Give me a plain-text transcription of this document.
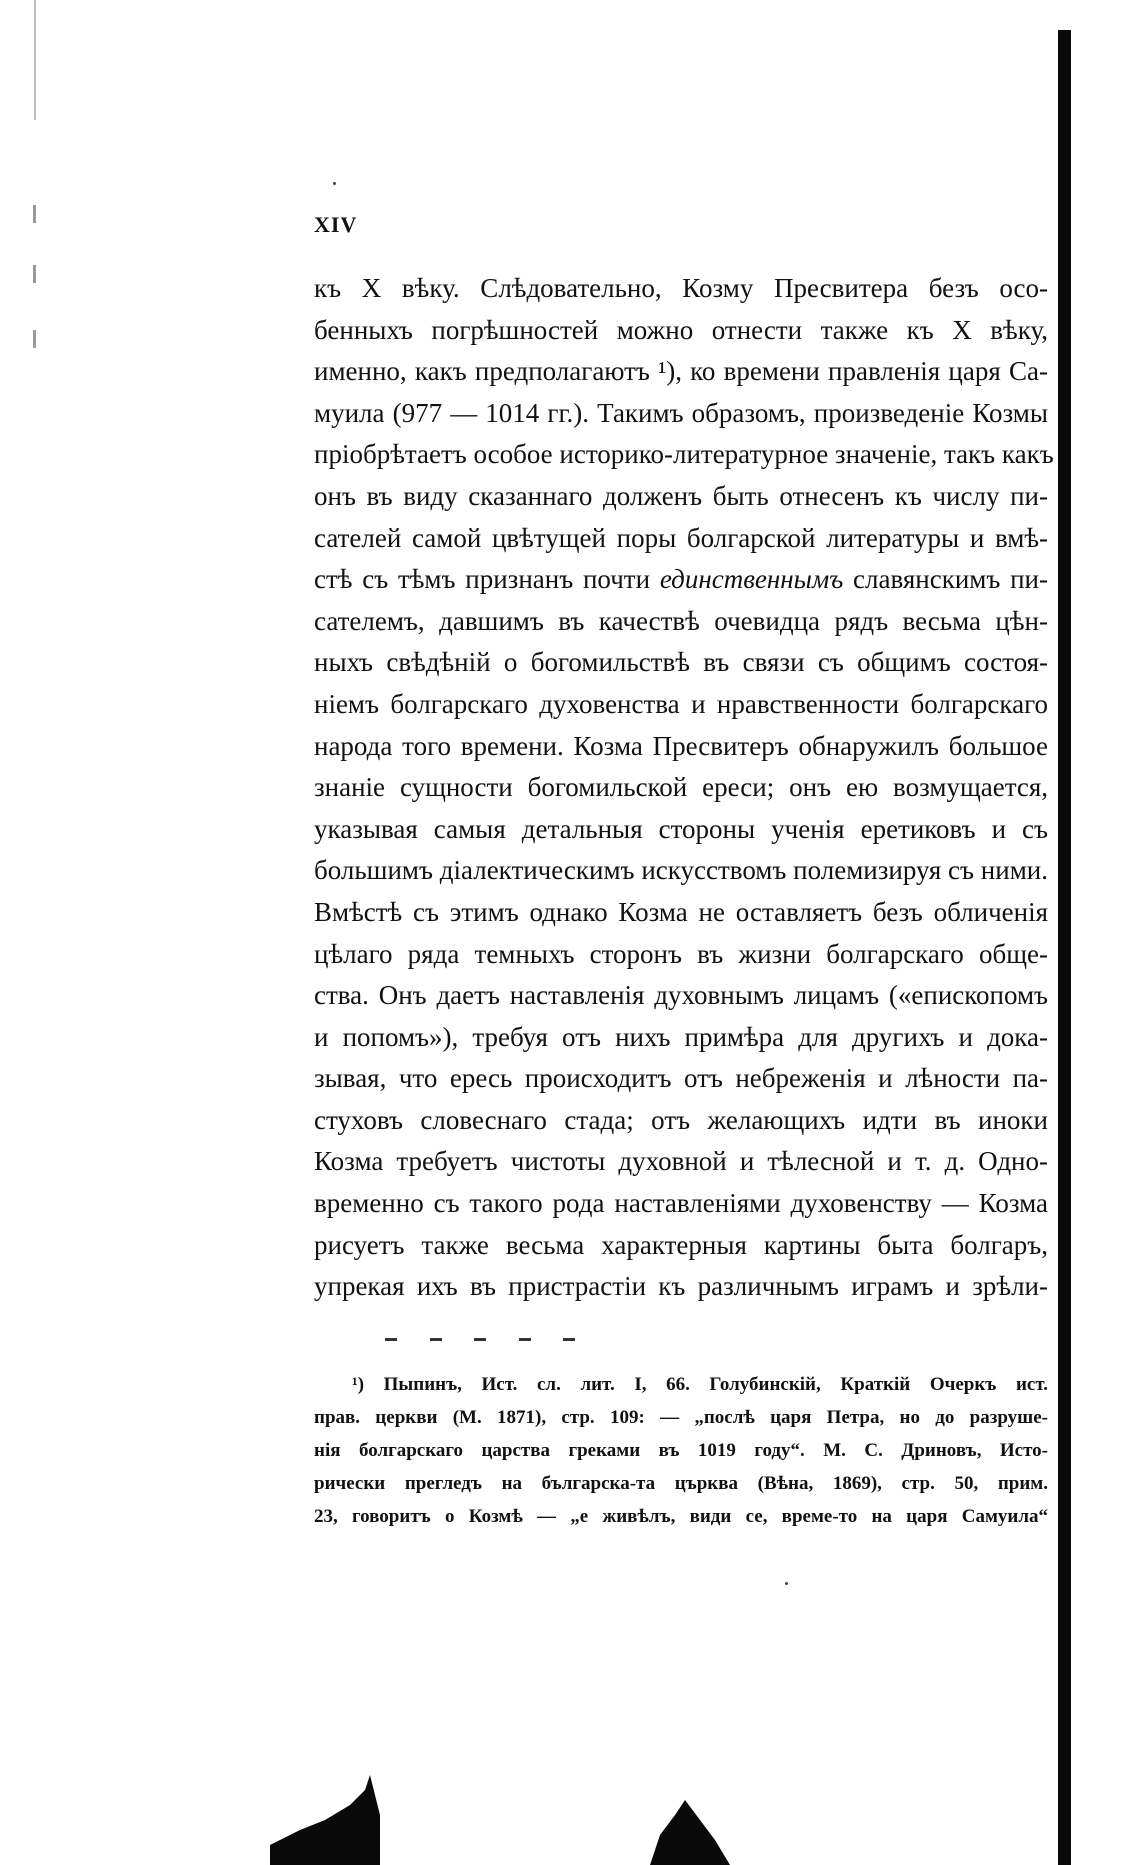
XIV
къ X вѣку. Слѣдовательно, Козму Пресвитера безъ осо-
бенныхъ погрѣшностей можно отнести также къ X вѣку,
именно, какъ предполагаютъ ¹), ко времени правленія царя Са-
муила (977 — 1014 гг.). Такимъ образомъ, произведеніе Козмы
пріобрѣтаетъ особое историко-литературное значеніе, такъ какъ
онъ въ виду сказаннаго долженъ быть отнесенъ къ числу пи-
сателей самой цвѣтущей поры болгарской литературы и вмѣ-
стѣ съ тѣмъ признанъ почти единственнымъ славянскимъ пи-
сателемъ, давшимъ въ качествѣ очевидца рядъ весьма цѣн-
ныхъ свѣдѣній о богомильствѣ въ связи съ общимъ состоя-
ніемъ болгарскаго духовенства и нравственности болгарскаго
народа того времени. Козма Пресвитеръ обнаружилъ большое
знаніе сущности богомильской ереси; онъ ею возмущается,
указывая самыя детальныя стороны ученія еретиковъ и съ
большимъ діалектическимъ искусствомъ полемизируя съ ними.
Вмѣстѣ съ этимъ однако Козма не оставляетъ безъ обличенія
цѣлаго ряда темныхъ сторонъ въ жизни болгарскаго обще-
ства. Онъ даетъ наставленія духовнымъ лицамъ («епископомъ
и попомъ»), требуя отъ нихъ примѣра для другихъ и дока-
зывая, что ересь происходитъ отъ небреженія и лѣности па-
стуховъ словеснаго стада; отъ желающихъ идти въ иноки
Козма требуетъ чистоты духовной и тѣлесной и т. д. Одно-
временно съ такого рода наставленіями духовенству — Козма
рисуетъ также весьма характерныя картины быта болгаръ,
упрекая ихъ въ пристрастіи къ различнымъ играмъ и зрѣли-
¹) Пыпинъ, Ист. сл. лит. I, 66. Голубинскій, Краткій Очеркъ ист.
прав. церкви (М. 1871), стр. 109: — „послѣ царя Петра, но до разруше-
нія болгарскаго царства греками въ 1019 году“. М. С. Дриновъ, Исто-
рически прегледъ на българска-та църква (Вѣна, 1869), стр. 50, прим.
23, говоритъ о Козмѣ — „е живѣлъ, види се, време-то на царя Самуила“
